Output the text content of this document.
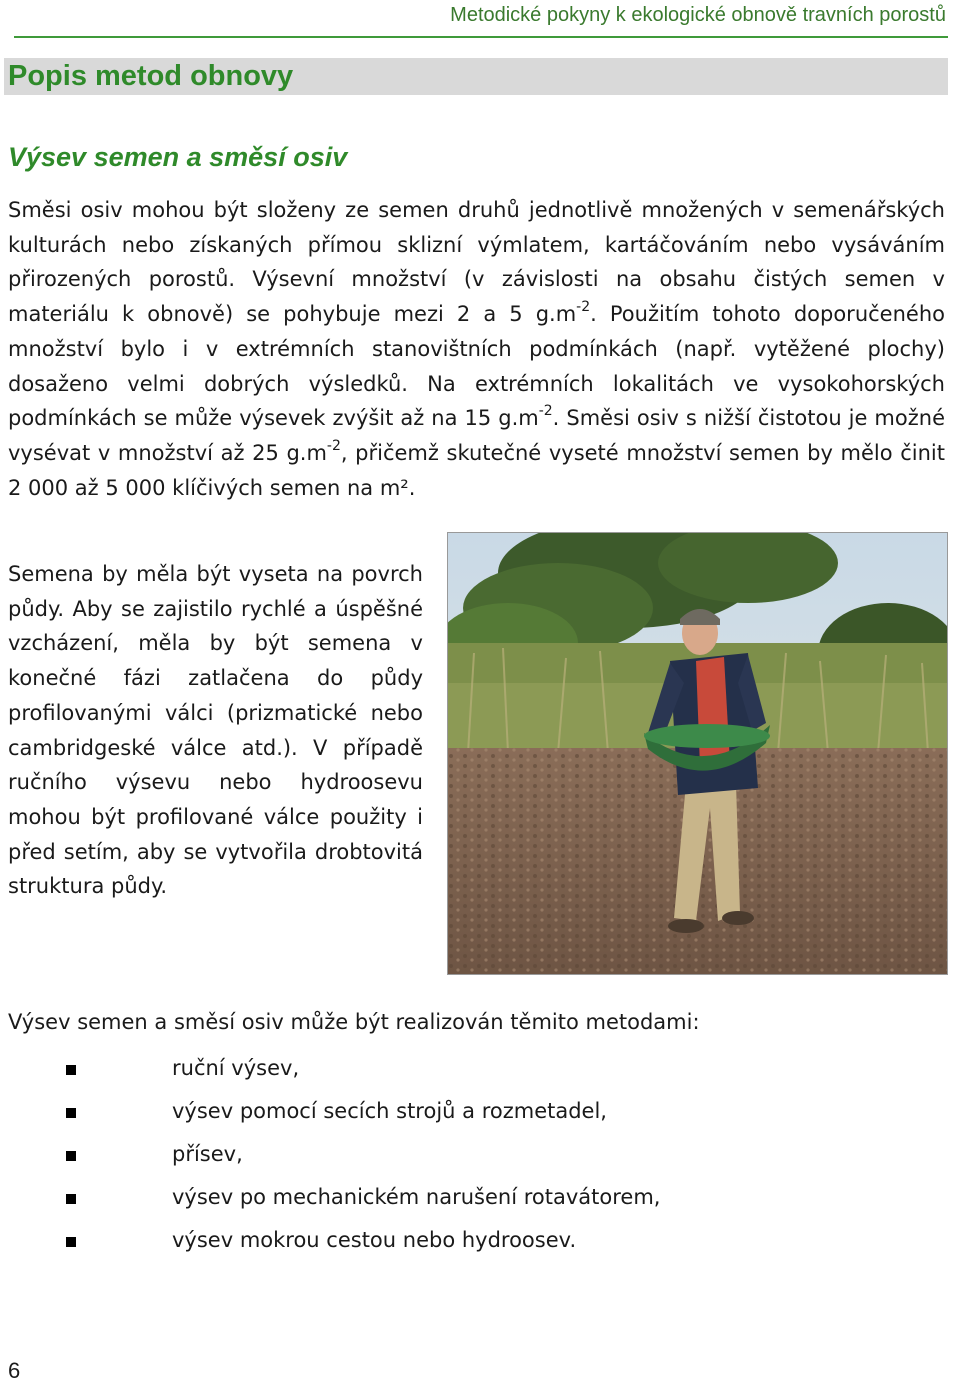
Metodické pokyny k ekologické obnově travních porostů
Popis metod obnovy
Výsev semen a směsí osiv

Směsi osiv mohou být složeny ze semen druhů jednotlivě množených v semenářských kulturách nebo získaných přímou sklizní výmlatem, kartáčováním nebo vysáváním přirozených porostů. Výsevní množství (v závislosti na obsahu čistých semen v materiálu k obnově) se pohybuje mezi 2 a 5 $g.m^{-2}$. Použitím tohoto doporučeného množství bylo i v extrémních stanovištních podmínkách (např. vytěžené plochy) dosaženo velmi dobrých výsledků. Na extrémních lokalitách ve vysokohorských podmínkách se může výsevek zvýšit až na 15 $g.m^{-2}$. Směsi osiv s nižší čistotou je možné vysévat v množství až 25 $g.m^{-2}$, přičemž skutečné vyseté množství semen by mělo činit 2 000 až 5 000 klíčivých semen na m².

Semena by měla být vyseta na povrch půdy. Aby se zajistilo rychlé a úspěšné vzcházení, měla by být semena v konečné fázi zatlačena do půdy profilovanými válci (prizmatické nebo cambridgeské válce atd.). V případě ručního výsevu nebo hydroosevu mohou být profilované válce použity i před setím, aby se vytvořila drobtovitá struktura půdy.

Výsev semen a směsí osiv může být realizován těmito metodami:
ruční výsev,
výsev pomocí secích strojů a rozmetadel,
přísev,
výsev po mechanickém narušení rotavátorem,
výsev mokrou cestou nebo hydroosev.
6
